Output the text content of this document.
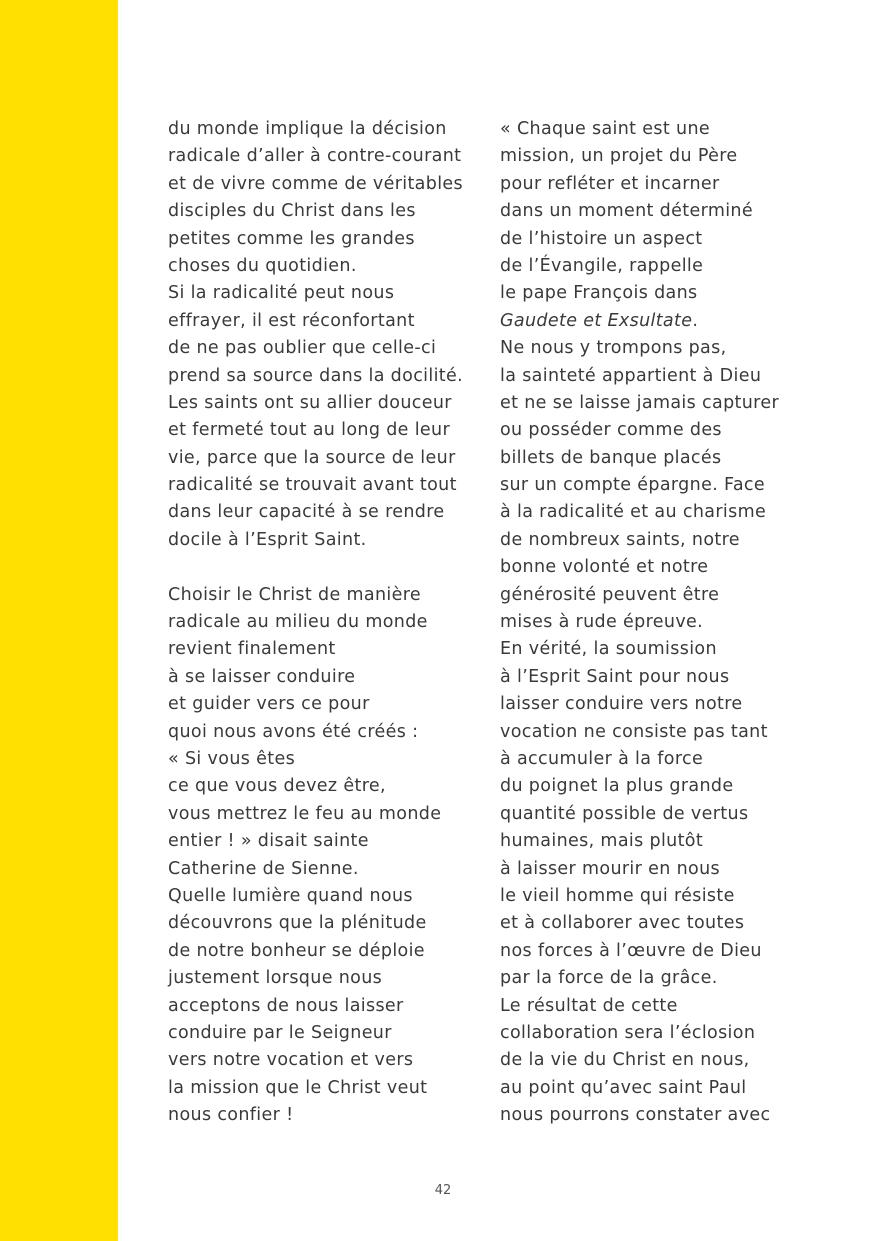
du monde implique la décision
radicale d’aller à contre-courant
et de vivre comme de véritables
disciples du Christ dans les
petites comme les grandes
choses du quotidien.
Si la radicalité peut nous
effrayer, il est réconfortant
de ne pas oublier que celle-ci
prend sa source dans la docilité.
Les saints ont su allier douceur
et fermeté tout au long de leur
vie, parce que la source de leur
radicalité se trouvait avant tout
dans leur capacité à se rendre
docile à l’Esprit Saint.
Choisir le Christ de manière
radicale au milieu du monde
revient finalement
à se laisser conduire
et guider vers ce pour
quoi nous avons été créés :
« Si vous êtes
ce que vous devez être,
vous mettrez le feu au monde
entier ! » disait sainte
Catherine de Sienne.
Quelle lumière quand nous
découvrons que la plénitude
de notre bonheur se déploie
justement lorsque nous
acceptons de nous laisser
conduire par le Seigneur
vers notre vocation et vers
la mission que le Christ veut
nous confier !
« Chaque saint est une
mission, un projet du Père
pour refléter et incarner
dans un moment déterminé
de l’histoire un aspect
de l’Évangile, rappelle
le pape François dans
Gaudete et Exsultate.
Ne nous y trompons pas,
la sainteté appartient à Dieu
et ne se laisse jamais capturer
ou posséder comme des
billets de banque placés
sur un compte épargne. Face
à la radicalité et au charisme
de nombreux saints, notre
bonne volonté et notre
générosité peuvent être
mises à rude épreuve.
En vérité, la soumission
à l’Esprit Saint pour nous
laisser conduire vers notre
vocation ne consiste pas tant
à accumuler à la force
du poignet la plus grande
quantité possible de vertus
humaines, mais plutôt
à laisser mourir en nous
le vieil homme qui résiste
et à collaborer avec toutes
nos forces à l’œuvre de Dieu
par la force de la grâce.
Le résultat de cette
collaboration sera l’éclosion
de la vie du Christ en nous,
au point qu’avec saint Paul
nous pourrons constater avec
42
